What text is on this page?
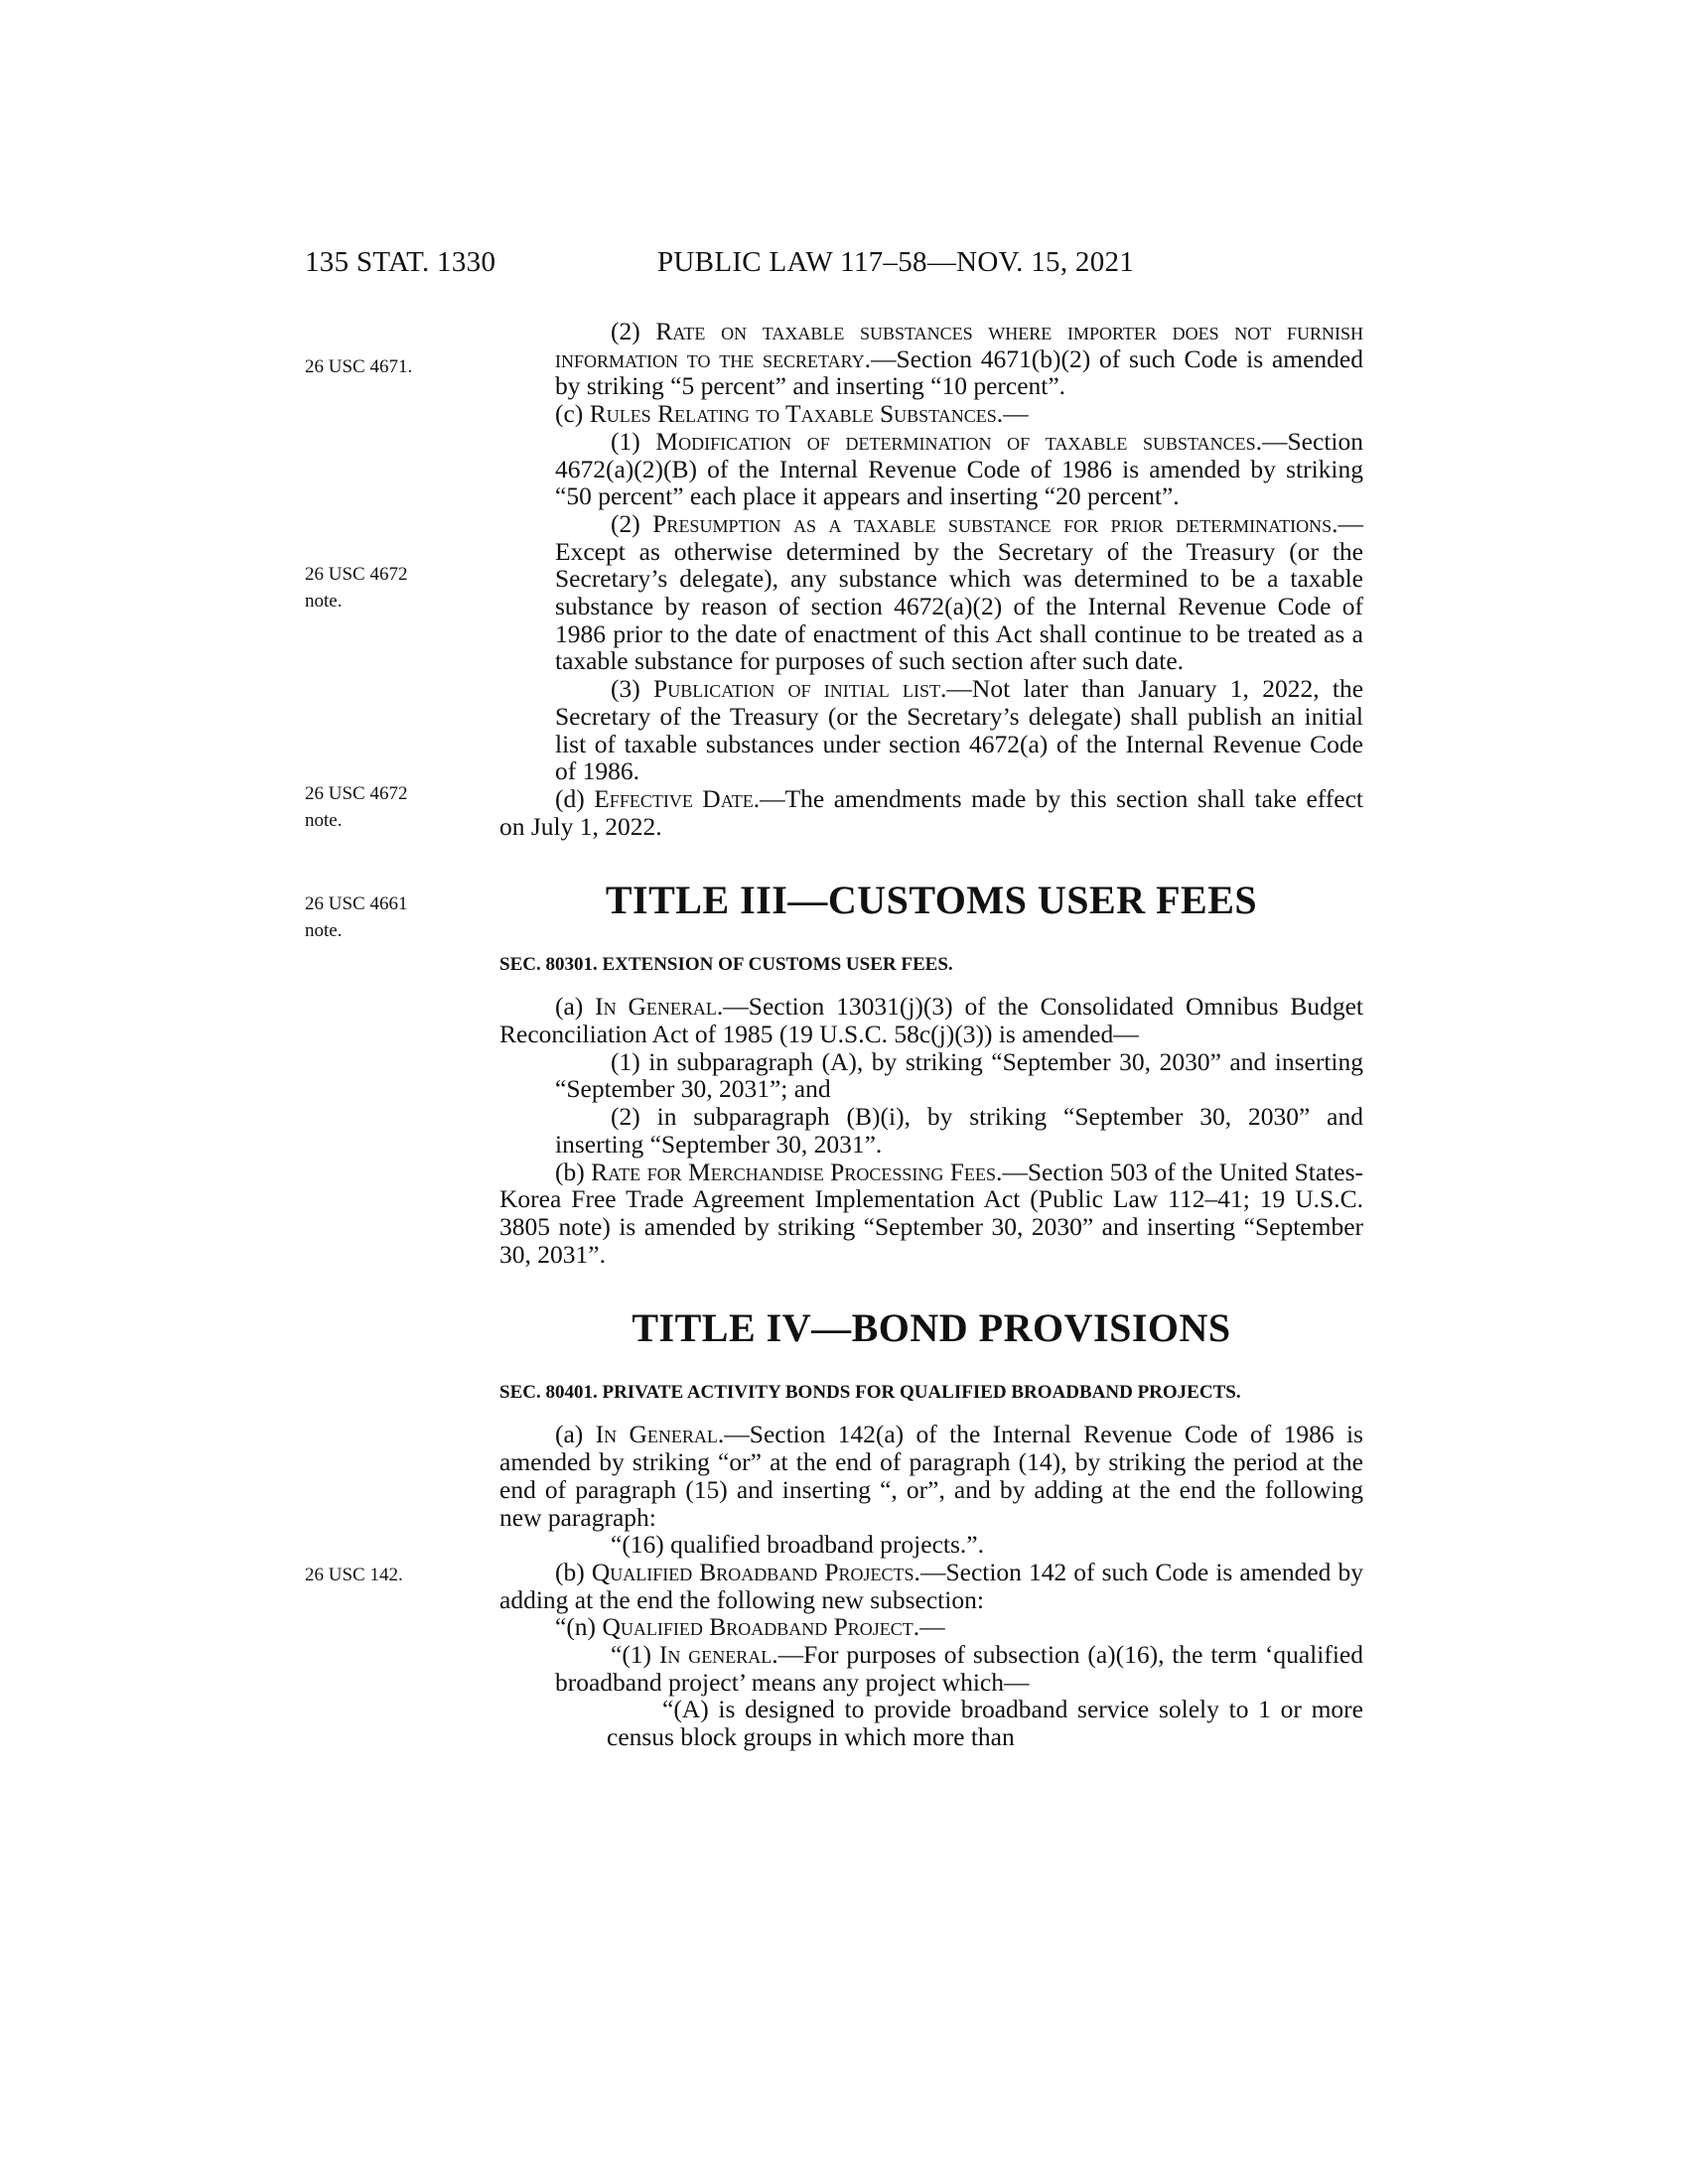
135 STAT. 1330	PUBLIC LAW 117–58—NOV. 15, 2021
26 USC 4671.
26 USC 4672
note.
26 USC 4672
note.
26 USC 4661
note.
26 USC 142.

(2) Rate on taxable substances where importer does not furnish information to the secretary.—Section 4671(b)(2) of such Code is amended by striking “5 percent” and inserting “10 percent”.

(c) Rules Relating to Taxable Substances.—

(1) Modification of determination of taxable substances.—Section 4672(a)(2)(B) of the Internal Revenue Code of 1986 is amended by striking “50 percent” each place it appears and inserting “20 percent”.

(2) Presumption as a taxable substance for prior determinations.—Except as otherwise determined by the Secretary of the Treasury (or the Secretary’s delegate), any substance which was determined to be a taxable substance by reason of section 4672(a)(2) of the Internal Revenue Code of 1986 prior to the date of enactment of this Act shall continue to be treated as a taxable substance for purposes of such section after such date.

(3) Publication of initial list.—Not later than January 1, 2022, the Secretary of the Treasury (or the Secretary’s delegate) shall publish an initial list of taxable substances under section 4672(a) of the Internal Revenue Code of 1986.

(d) Effective Date.—The amendments made by this section shall take effect on July 1, 2022.

TITLE III—CUSTOMS USER FEES
SEC. 80301. EXTENSION OF CUSTOMS USER FEES.

(a) In General.—Section 13031(j)(3) of the Consolidated Omnibus Budget Reconciliation Act of 1985 (19 U.S.C. 58c(j)(3)) is amended—

(1) in subparagraph (A), by striking “September 30, 2030” and inserting “September 30, 2031”; and

(2) in subparagraph (B)(i), by striking “September 30, 2030” and inserting “September 30, 2031”.

(b) Rate for Merchandise Processing Fees.—Section 503 of the United States-Korea Free Trade Agreement Implementation Act (Public Law 112–41; 19 U.S.C. 3805 note) is amended by striking “September 30, 2030” and inserting “September 30, 2031”.

TITLE IV—BOND PROVISIONS
SEC. 80401. PRIVATE ACTIVITY BONDS FOR QUALIFIED BROADBAND PROJECTS.

(a) In General.—Section 142(a) of the Internal Revenue Code of 1986 is amended by striking “or” at the end of paragraph (14), by striking the period at the end of paragraph (15) and inserting “, or”, and by adding at the end the following new paragraph:

“(16) qualified broadband projects.”.

(b) Qualified Broadband Projects.—Section 142 of such Code is amended by adding at the end the following new subsection:

“(n) Qualified Broadband Project.—

“(1) In general.—For purposes of subsection (a)(16), the term ‘qualified broadband project’ means any project which—

“(A) is designed to provide broadband service solely to 1 or more census block groups in which more than
